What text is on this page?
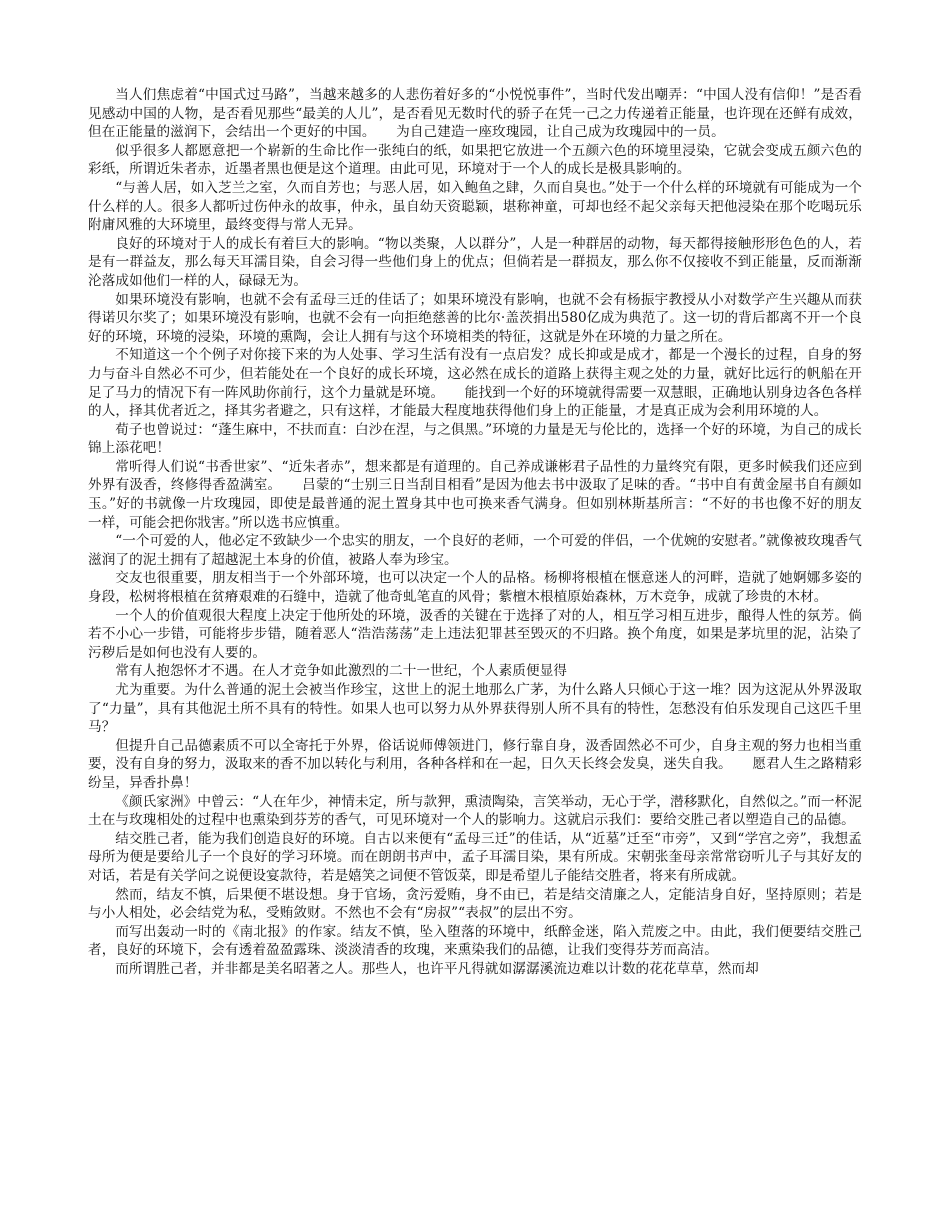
当人们焦虑着“中国式过马路”，当越来越多的人悲伤着好多的“小悦悦事件”，当时代发出嘲弄：“中国人没有信仰！”是否看见感动中国的人物，是否看见那些“最美的人儿”，是否看见无数时代的骄子在凭一己之力传递着正能量，也许现在还鲜有成效，但在正能量的滋润下，会结出一个更好的中国。　　为自己建造一座玫瑰园，让自己成为玫瑰园中的一员。

似乎很多人都愿意把一个崭新的生命比作一张纯白的纸，如果把它放进一个五颜六色的环境里浸染，它就会变成五颜六色的彩纸，所谓近朱者赤，近墨者黑也便是这个道理。由此可见，环境对于一个人的成长是极具影响的。

“与善人居，如入芝兰之室，久而自芳也；与恶人居，如入鲍鱼之肆，久而自臭也。”处于一个什么样的环境就有可能成为一个什么样的人。很多人都听过伤仲永的故事，仲永，虽自幼天资聪颖，堪称神童，可却也经不起父亲每天把他浸染在那个吃喝玩乐附庸风雅的大环境里，最终变得与常人无异。

良好的环境对于人的成长有着巨大的影响。“物以类聚，人以群分”，人是一种群居的动物，每天都得接触形形色色的人，若是有一群益友，那么每天耳濡目染，自会习得一些他们身上的优点；但倘若是一群损友，那么你不仅接收不到正能量，反而渐渐沦落成如他们一样的人，碌碌无为。

如果环境没有影响，也就不会有孟母三迁的佳话了；如果环境没有影响，也就不会有杨振宇教授从小对数学产生兴趣从而获得诺贝尔奖了；如果环境没有影响，也就不会有一向拒绝慈善的比尔·盖茨捐出580亿成为典范了。这一切的背后都离不开一个良好的环境，环境的浸染，环境的熏陶，会让人拥有与这个环境相类的特征，这就是外在环境的力量之所在。

不知道这一个个例子对你接下来的为人处事、学习生活有没有一点启发？成长抑或是成才，都是一个漫长的过程，自身的努力与奋斗自然必不可少，但若能处在一个良好的成长环境，这必然在成长的道路上获得主观之处的力量，就好比远行的帆船在开足了马力的情况下有一阵风助你前行，这个力量就是环境。　　能找到一个好的环境就得需要一双慧眼，正确地认别身边各色各样的人，择其优者近之，择其劣者避之，只有这样，才能最大程度地获得他们身上的正能量，才是真正成为会利用环境的人。

荀子也曾说过：“蓬生麻中，不扶而直：白沙在涅，与之俱黑。”环境的力量是无与伦比的，选择一个好的环境，为自己的成长锦上添花吧！

常听得人们说“书香世家”、“近朱者赤”，想来都是有道理的。自己养成谦彬君子品性的力量终究有限，更多时候我们还应到外界有汲香，终修得香盈满室。　　吕蒙的“士别三日当刮目相看”是因为他去书中汲取了足味的香。“书中自有黄金屋书自有颜如玉。”好的书就像一片玫瑰园，即使是最普通的泥土置身其中也可换来香气满身。但如别林斯基所言：“不好的书也像不好的朋友一样，可能会把你戕害。”所以选书应慎重。

“一个可爱的人，他必定不致缺少一个忠实的朋友，一个良好的老师，一个可爱的伴侣，一个优婉的安慰者。”就像被玫瑰香气滋润了的泥土拥有了超越泥土本身的价值，被路人奉为珍宝。

交友也很重要，朋友相当于一个外部环境，也可以决定一个人的品格。杨柳将根植在惬意迷人的河畔，造就了她婀娜多姿的身段，松树将根植在贫瘠艰难的石缝中，造就了他奇虬笔直的风骨；紫檀木根植原始森林，万木竞争，成就了珍贵的木材。

一个人的价值观很大程度上决定于他所处的环境，汲香的关键在于选择了对的人，相互学习相互进步，酿得人性的氛芳。倘若不小心一步错，可能将步步错，随着恶人“浩浩荡荡”走上违法犯罪甚至毁灭的不归路。换个角度，如果是茅坑里的泥，沾染了污秽后是如何也没有人要的。

常有人抱怨怀才不遇。在人才竞争如此激烈的二十一世纪，个人素质便显得

尤为重要。为什么普通的泥土会被当作珍宝，这世上的泥土地那么广茅，为什么路人只倾心于这一堆？因为这泥从外界汲取了“力量”，具有其他泥土所不具有的特性。如果人也可以努力从外界获得别人所不具有的特性，怎愁没有伯乐发现自己这匹千里马？

但提升自己品德素质不可以全寄托于外界，俗话说师傅领进门，修行靠自身，汲香固然必不可少，自身主观的努力也相当重要，没有自身的努力，汲取来的香不加以转化与利用，各种各样和在一起，日久天长终会发臭，迷失自我。　　愿君人生之路精彩纷呈，异香扑鼻！

《颜氏家洲》中曾云：“人在年少，神情未定，所与款狎，熏渍陶染，言笑举动，无心于学，潜移默化，自然似之。”而一杯泥土在与玫瑰相处的过程中也熏染到芬芳的香气，可见环境对一个人的影响力。这就启示我们：要给交胜己者以塑造自己的品德。

结交胜己者，能为我们创造良好的环境。自古以来便有“孟母三迁”的佳话，从“近墓”迁至“市旁”，又到“学宫之旁”，我想孟母所为便是要给儿子一个良好的学习环境。而在朗朗书声中，孟子耳濡目染，果有所成。宋朝张奎母亲常常窃听儿子与其好友的对话，若是有关学问之说便设宴款待，若是嬉笑之词便不管饭菜，即是希望儿子能结交胜者，将来有所成就。

然而，结友不慎，后果便不堪设想。身于官场，贪污爱贿，身不由已，若是结交清廉之人，定能洁身自好，坚持原则；若是与小人相处，必会结党为私，受贿敛财。不然也不会有“房叔”“表叔”的层出不穷。

而写出轰动一时的《南北报》的作家。结友不慎，坠入堕落的环境中，纸醉金迷，陷入荒废之中。由此，我们便要结交胜己者，良好的环境下，会有透着盈盈露珠、淡淡清香的玫瑰，来熏染我们的品德，让我们变得芬芳而高洁。

而所谓胜己者，并非都是美名昭著之人。那些人，也许平凡得就如潺潺溪流边难以计数的花花草草，然而却
